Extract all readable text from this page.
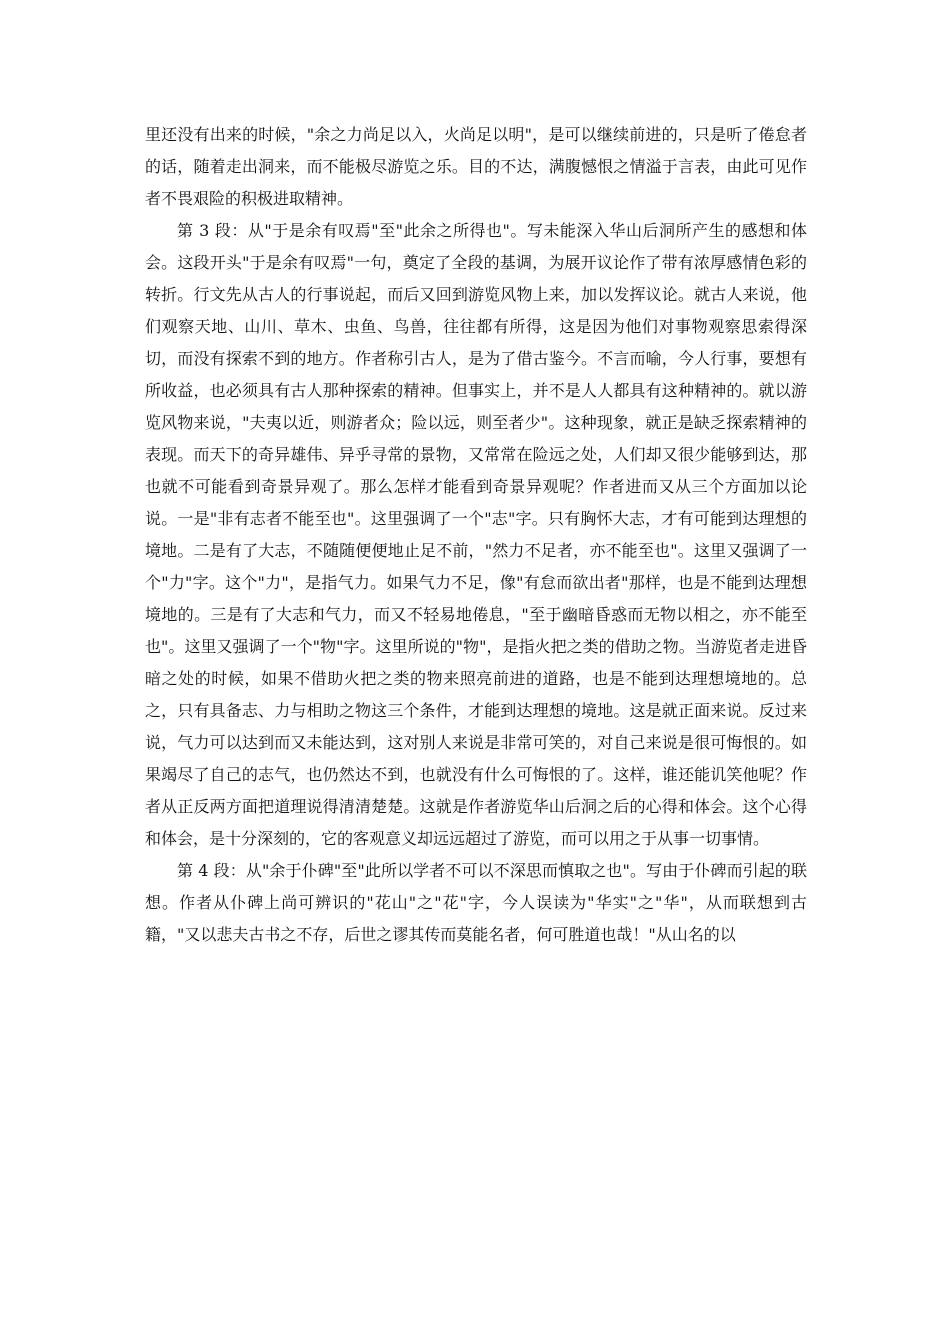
里还没有出来的时候，"余之力尚足以入，火尚足以明"，是可以继续前进的，只是听了倦怠者的话，随着走出洞来，而不能极尽游览之乐。目的不达，满腹憾恨之情溢于言表，由此可见作者不畏艰险的积极进取精神。

第 3 段：从"于是余有叹焉"至"此余之所得也"。写未能深入华山后洞所产生的感想和体会。这段开头"于是余有叹焉"一句，奠定了全段的基调，为展开议论作了带有浓厚感情色彩的转折。行文先从古人的行事说起，而后又回到游览风物上来，加以发挥议论。就古人来说，他们观察天地、山川、草木、虫鱼、鸟兽，往往都有所得，这是因为他们对事物观察思索得深切，而没有探索不到的地方。作者称引古人，是为了借古鉴今。不言而喻，今人行事，要想有所收益，也必须具有古人那种探索的精神。但事实上，并不是人人都具有这种精神的。就以游览风物来说，"夫夷以近，则游者众；险以远，则至者少"。这种现象，就正是缺乏探索精神的表现。而天下的奇异雄伟、异乎寻常的景物，又常常在险远之处，人们却又很少能够到达，那也就不可能看到奇景异观了。那么怎样才能看到奇景异观呢？作者进而又从三个方面加以论说。一是"非有志者不能至也"。这里强调了一个"志"字。只有胸怀大志，才有可能到达理想的境地。二是有了大志，不随随便便地止足不前，"然力不足者，亦不能至也"。这里又强调了一个"力"字。这个"力"，是指气力。如果气力不足，像"有怠而欲出者"那样，也是不能到达理想境地的。三是有了大志和气力，而又不轻易地倦息，"至于幽暗昏惑而无物以相之，亦不能至也"。这里又强调了一个"物"字。这里所说的"物"，是指火把之类的借助之物。当游览者走进昏暗之处的时候，如果不借助火把之类的物来照亮前进的道路，也是不能到达理想境地的。总之，只有具备志、力与相助之物这三个条件，才能到达理想的境地。这是就正面来说。反过来说，气力可以达到而又未能达到，这对别人来说是非常可笑的，对自己来说是很可悔恨的。如果竭尽了自己的志气，也仍然达不到，也就没有什么可悔恨的了。这样，谁还能讥笑他呢？作者从正反两方面把道理说得清清楚楚。这就是作者游览华山后洞之后的心得和体会。这个心得和体会，是十分深刻的，它的客观意义却远远超过了游览，而可以用之于从事一切事情。

第 4 段：从"余于仆碑"至"此所以学者不可以不深思而慎取之也"。写由于仆碑而引起的联想。作者从仆碑上尚可辨识的"花山"之"花"字，今人误读为"华实"之"华"，从而联想到古籍，"又以悲夫古书之不存，后世之谬其传而莫能名者，何可胜道也哉！"从山名的以
